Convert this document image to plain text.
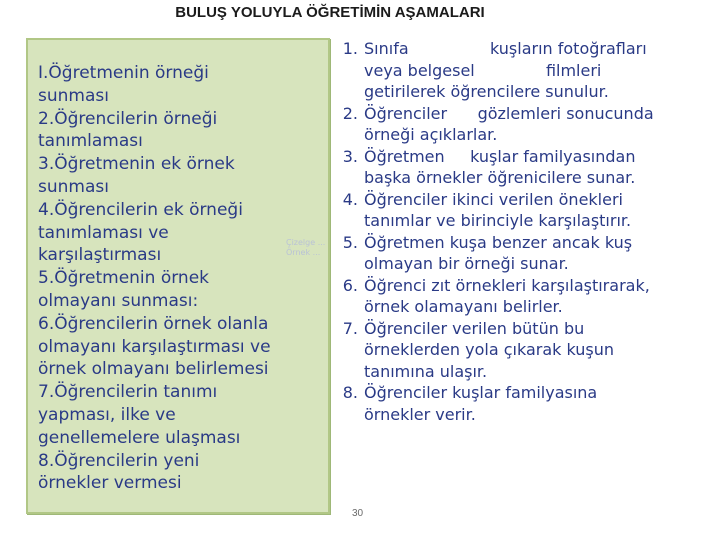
BULUŞ YOLUYLA ÖĞRETİMİN AŞAMALARI
I.Öğretmenin örneği
sunması
2.Öğrencilerin örneği
tanımlaması
3.Öğretmenin ek örnek
sunması
4.Öğrencilerin ek örneği
tanımlaması ve
karşılaştırması
5.Öğretmenin örnek
olmayanı sunması:
6.Öğrencilerin örnek olanla
olmayanı karşılaştırması ve
örnek olmayanı belirlemesi
7.Öğrencilerin tanımı
yapması, ilke ve
genellemelere ulaşması
8.Öğrencilerin yeni
örnekler vermesi
Çizelge ...
Örnek ...
1. Sınıfa                kuşların fotoğrafları
veya belgesel              filmleri
getirilerek öğrencilere sunulur.
2. Öğrenciler      gözlemleri sonucunda
örneği açıklarlar.
3. Öğretmen     kuşlar familyasından
başka örnekler öğrenicilere sunar.
4. Öğrenciler ikinci verilen önekleri
tanımlar ve birinciyle karşılaştırır.
5. Öğretmen kuşa benzer ancak kuş
olmayan bir örneği sunar.
6. Öğrenci zıt örnekleri karşılaştırarak,
örnek olamayanı belirler.
7. Öğrenciler verilen bütün bu
örneklerden yola çıkarak kuşun
tanımına ulaşır.
8. Öğrenciler kuşlar familyasına
örnekler verir.
30
